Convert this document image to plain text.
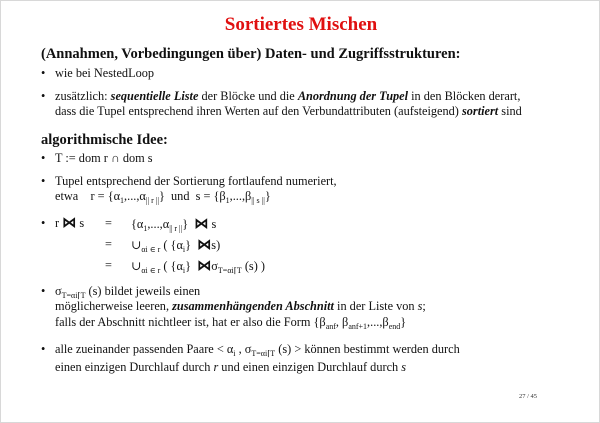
Sortiertes Mischen
(Annahmen, Vorbedingungen über) Daten- und Zugriffsstrukturen:
• wie bei NestedLoop
• zusätzlich: sequentielle Liste der Blöcke und die Anordnung der Tupel in den Blöcken derart,
dass die Tupel entsprechend ihren Werten auf den Verbundattributen (aufsteigend) sortiert sind
algorithmische Idee:
• T := dom r ∩ dom s
• Tupel entsprechend der Sortierung fortlaufend numeriert,
etwa $r = \{\alpha_1,...,\alpha_{|| r ||}\}$ und $s = \{\beta_1,...,\beta_{|| s ||}\}$
• r ⋈ $s = \{\alpha_1,...,\alpha_{|| r ||}\}$ ⋈ s
= $\cup_{\alpha i \in r}$ ( $\{\alpha_i\}$ ⋈ s)
= $\cup_{\alpha i \in r}$ ( $\{\alpha_i\}$ ⋈ $\sigma_{T=\alpha i⌈T}$ (s) )
• $\sigma_{T=\alpha i⌈T}$ (s) bildet jeweils einen
möglicherweise leeren, zusammenhängenden Abschnitt in der Liste von s;
falls der Abschnitt nichtleer ist, hat er also die Form {$\beta_{anf}$, $\beta_{anf+1},...,\beta_{end}$}
• alle zueinander passenden Paare < $\alpha_i$ , $\sigma_{T=\alpha i⌈T}$ (s) > können bestimmt werden durch
einen einzigen Durchlauf durch r und einen einzigen Durchlauf durch s
27 / 45
